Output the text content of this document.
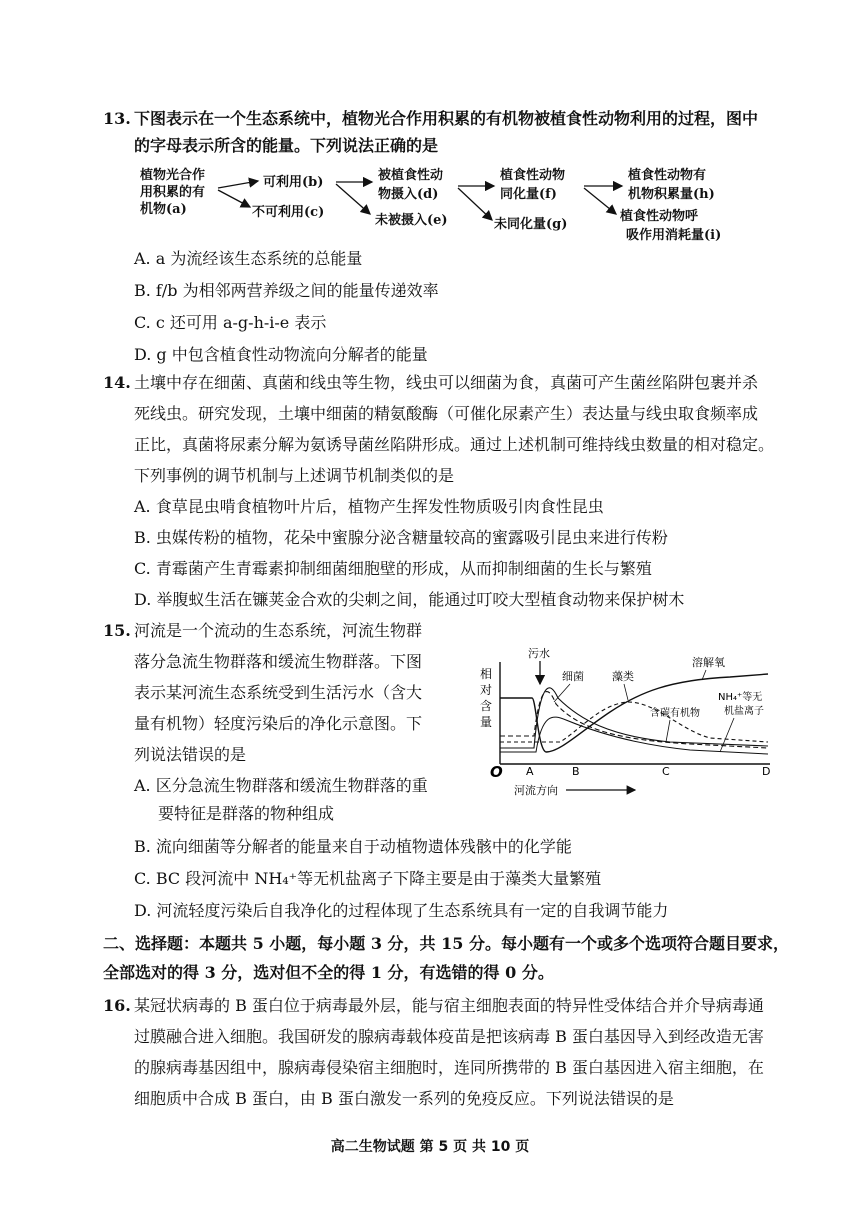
13. 下图表示在一个生态系统中，植物光合作用积累的有机物被植食性动物利用的过程，图中
的字母表示所含的能量。下列说法正确的是
植物光合作
用积累的有
机物(a)
可利用(b)
不可利用(c)
被植食性动
物摄入(d)
未被摄入(e)
植食性动物
同化量(f)
未同化量(g)
植食性动物有
机物积累量(h)
植食性动物呼
吸作用消耗量(i)
A. a 为流经该生态系统的总能量
B. f/b 为相邻两营养级之间的能量传递效率
C. c 还可用 a-g-h-i-e 表示
D. g 中包含植食性动物流向分解者的能量
14. 土壤中存在细菌、真菌和线虫等生物，线虫可以细菌为食，真菌可产生菌丝陷阱包裹并杀
死线虫。研究发现，土壤中细菌的精氨酸酶（可催化尿素产生）表达量与线虫取食频率成
正比，真菌将尿素分解为氨诱导菌丝陷阱形成。通过上述机制可维持线虫数量的相对稳定。
下列事例的调节机制与上述调节机制类似的是
A. 食草昆虫啃食植物叶片后，植物产生挥发性物质吸引肉食性昆虫
B. 虫媒传粉的植物，花朵中蜜腺分泌含糖量较高的蜜露吸引昆虫来进行传粉
C. 青霉菌产生青霉素抑制细菌细胞壁的形成，从而抑制细菌的生长与繁殖
D. 举腹蚁生活在镰荚金合欢的尖刺之间，能通过叮咬大型植食动物来保护树木
15. 河流是一个流动的生态系统，河流生物群
落分急流生物群落和缓流生物群落。下图
表示某河流生态系统受到生活污水（含大
量有机物）轻度污染后的净化示意图。下
列说法错误的是
A. 区分急流生物群落和缓流生物群落的重
要特征是群落的物种组成
B. 流向细菌等分解者的能量来自于动植物遗体残骸中的化学能
C. BC 段河流中 NH₄⁺等无机盐离子下降主要是由于藻类大量繁殖
D. 河流轻度污染后自我净化的过程体现了生态系统具有一定的自我调节能力
相
对
含
量
O A	B	C	D
河流方向
污水
细菌	藻类
溶解氧
NH₄⁺等无
机盐离子
含碳有机物
二、选择题：本题共 5 小题，每小题 3 分，共 15 分。每小题有一个或多个选项符合题目要求，
全部选对的得 3 分，选对但不全的得 1 分，有选错的得 0 分。
16. 某冠状病毒的 B 蛋白位于病毒最外层，能与宿主细胞表面的特异性受体结合并介导病毒通
过膜融合进入细胞。我国研发的腺病毒载体疫苗是把该病毒 B 蛋白基因导入到经改造无害
的腺病毒基因组中，腺病毒侵染宿主细胞时，连同所携带的 B 蛋白基因进入宿主细胞，在
细胞质中合成 B 蛋白，由 B 蛋白激发一系列的免疫反应。下列说法错误的是
高二生物试题 第 5 页 共 10 页
